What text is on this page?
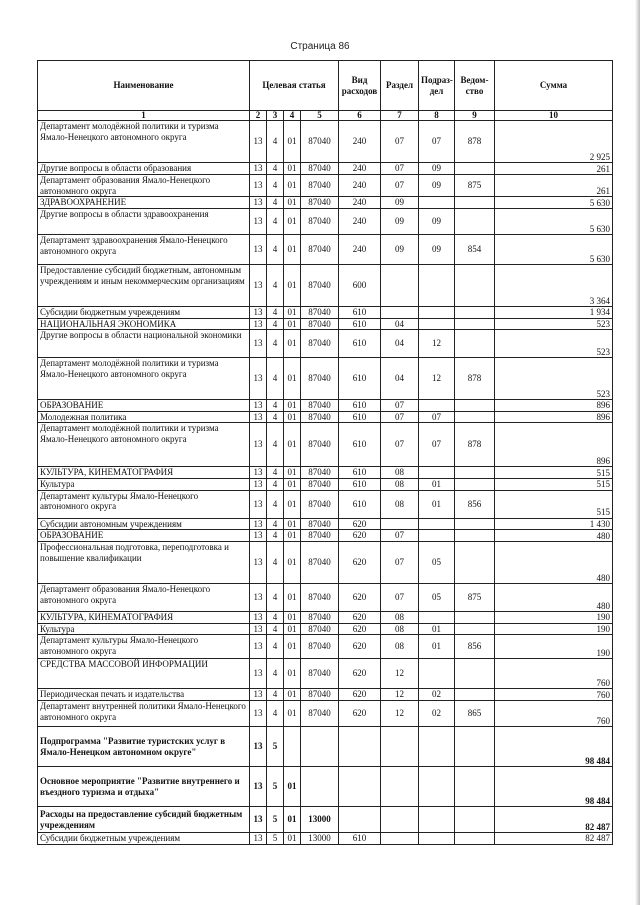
Страница 86
Наименование	Целевая статья				Вид расходов	Раздел	Подраз- дел	Ведом- ство	Сумма
1	2	3	4	5	6	7	8	9	10
Департамент молодёжной политики и туризма Ямало-Ненецкого автономного округа	13	4	01	87040	240	07	07	878	2 925
Другие вопросы в области образования	13	4	01	87040	240	07	09		261
Департамент образования Ямало-Ненецкого автономного округа	13	4	01	87040	240	07	09	875	261
ЗДРАВООХРАНЕНИЕ	13	4	01	87040	240	09			5 630
Другие вопросы в области здравоохранения	13	4	01	87040	240	09	09		5 630
Департамент здравоохранения Ямало-Ненецкого автономного округа	13	4	01	87040	240	09	09	854	5 630
Предоставление субсидий бюджетным, автономным учреждениям и иным некоммерческим организациям	13	4	01	87040	600				3 364
Субсидии бюджетным учреждениям	13	4	01	87040	610				1 934
НАЦИОНАЛЬНАЯ ЭКОНОМИКА	13	4	01	87040	610	04			523
Другие вопросы в области национальной экономики	13	4	01	87040	610	04	12		523
Департамент молодёжной политики и туризма Ямало-Ненецкого автономного округа	13	4	01	87040	610	04	12	878	523
ОБРАЗОВАНИЕ	13	4	01	87040	610	07			896
Молодежная политика	13	4	01	87040	610	07	07		896
Департамент молодёжной политики и туризма Ямало-Ненецкого автономного округа	13	4	01	87040	610	07	07	878	896
КУЛЬТУРА, КИНЕМАТОГРАФИЯ	13	4	01	87040	610	08			515
Культура	13	4	01	87040	610	08	01		515
Департамент культуры Ямало-Ненецкого автономного округа	13	4	01	87040	610	08	01	856	515
Субсидии автономным учреждениям	13	4	01	87040	620				1 430
ОБРАЗОВАНИЕ	13	4	01	87040	620	07			480
Профессиональная подготовка, переподготовка и повышение квалификации	13	4	01	87040	620	07	05		480
Департамент образования Ямало-Ненецкого автономного округа	13	4	01	87040	620	07	05	875	480
КУЛЬТУРА, КИНЕМАТОГРАФИЯ	13	4	01	87040	620	08			190
Культура	13	4	01	87040	620	08	01		190
Департамент культуры Ямало-Ненецкого автономного округа	13	4	01	87040	620	08	01	856	190
СРЕДСТВА МАССОВОЙ ИНФОРМАЦИИ	13	4	01	87040	620	12			760
Периодическая печать и издательства	13	4	01	87040	620	12	02		760
Департамент внутренней политики Ямало-Ненецкого автономного округа	13	4	01	87040	620	12	02	865	760
Подпрограмма "Развитие туристских услуг в Ямало-Ненецком автономном округе"	13	5							98 484
Основное мероприятие "Развитие внутреннего и въездного туризма и отдыха"	13	5	01						98 484
Расходы на предоставление субсидий бюджетным учреждениям	13	5	01	13000					82 487
Субсидии бюджетным учреждениям	13	5	01	13000	610				82 487
